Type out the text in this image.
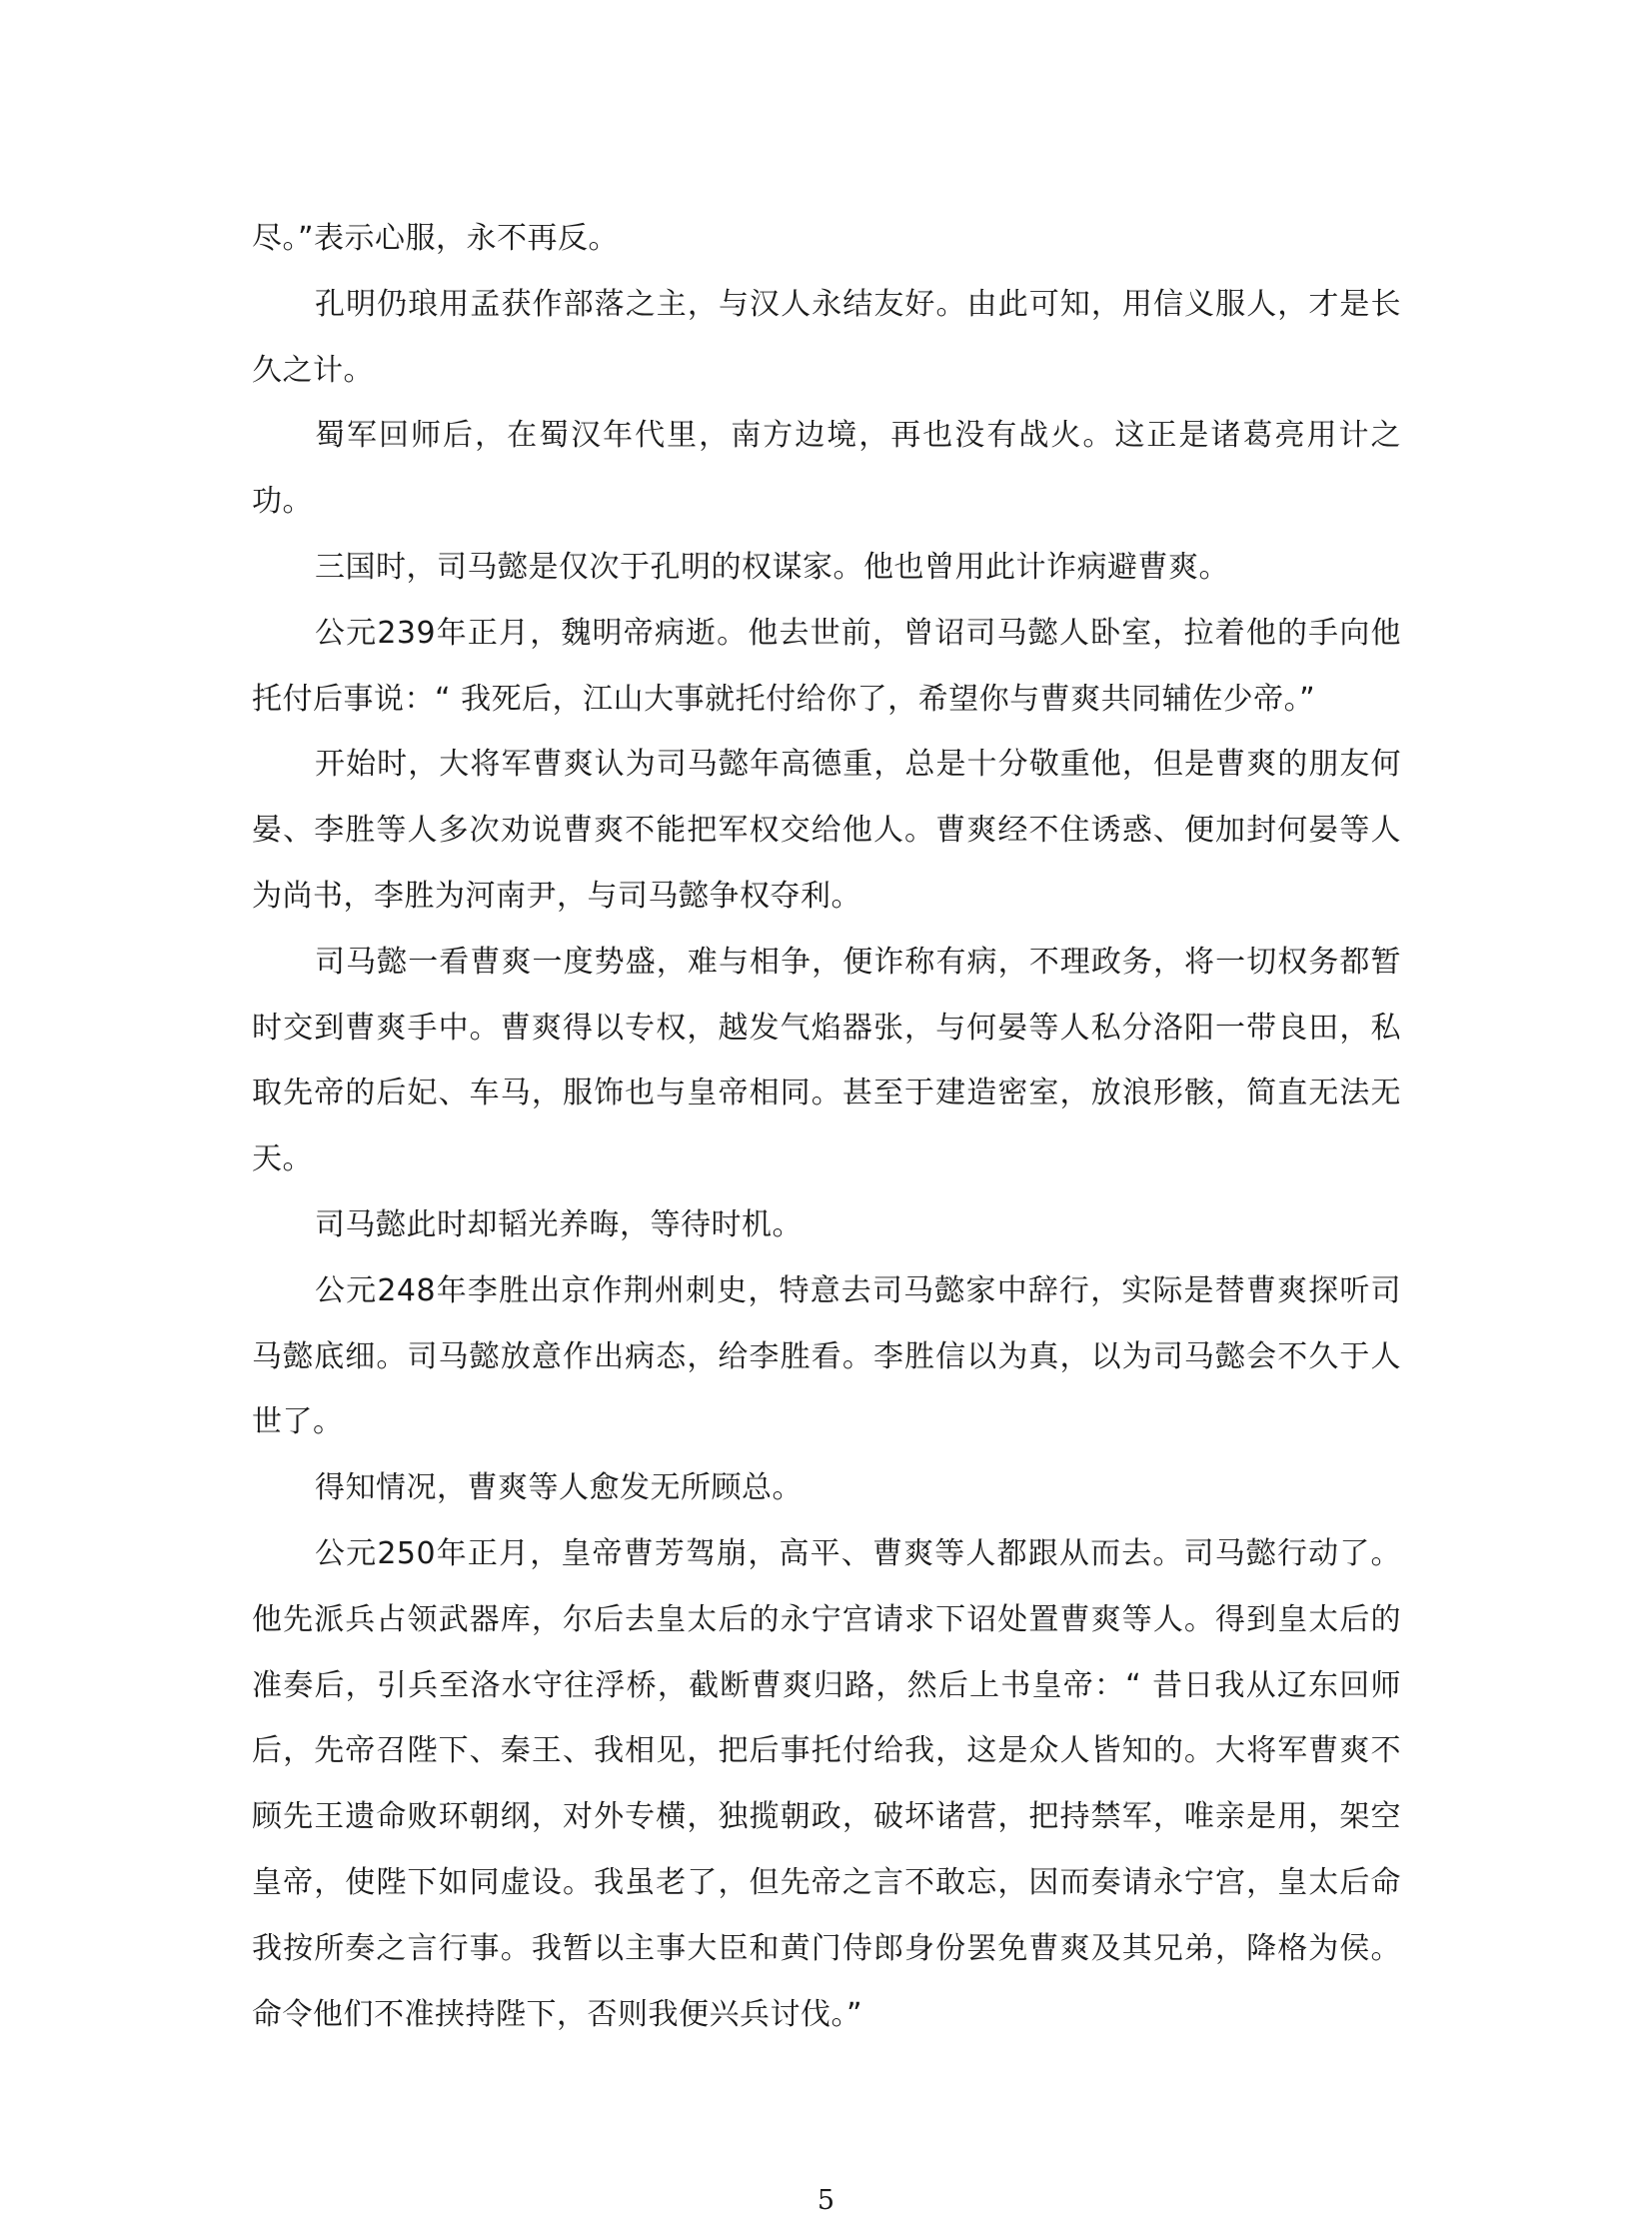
尽。”表示心服，永不再反。

孔明仍琅用孟获作部落之主，与汉人永结友好。由此可知，用信义服人，才是长久之计。

蜀军回师后，在蜀汉年代里，南方边境，再也没有战火。这正是诸葛亮用计之功。

三国时，司马懿是仅次于孔明的权谋家。他也曾用此计诈病避曹爽。

公元239年正月，魏明帝病逝。他去世前，曾诏司马懿人卧室，拉着他的手向他托付后事说：“ 我死后，江山大事就托付给你了，希望你与曹爽共同辅佐少帝。”

开始时，大将军曹爽认为司马懿年高德重，总是十分敬重他，但是曹爽的朋友何晏、李胜等人多次劝说曹爽不能把军权交给他人。曹爽经不住诱惑、便加封何晏等人为尚书，李胜为河南尹，与司马懿争权夺利。

司马懿一看曹爽一度势盛，难与相争，便诈称有病，不理政务，将一切权务都暂时交到曹爽手中。曹爽得以专权，越发气焰器张，与何晏等人私分洛阳一带良田，私取先帝的后妃、车马，服饰也与皇帝相同。甚至于建造密室，放浪形骸，简直无法无天。

司马懿此时却韬光养晦，等待时机。

公元248年李胜出京作荆州刺史，特意去司马懿家中辞行，实际是替曹爽探听司马懿底细。司马懿放意作出病态，给李胜看。李胜信以为真，以为司马懿会不久于人世了。

得知情况，曹爽等人愈发无所顾总。

公元250年正月，皇帝曹芳驾崩，高平、曹爽等人都跟从而去。司马懿行动了。他先派兵占领武器库，尔后去皇太后的永宁宫请求下诏处置曹爽等人。得到皇太后的准奏后，引兵至洛水守往浮桥，截断曹爽归路，然后上书皇帝：“ 昔日我从辽东回师后，先帝召陛下、秦王、我相见，把后事托付给我，这是众人皆知的。大将军曹爽不顾先王遗命败环朝纲，对外专横，独揽朝政，破坏诸营，把持禁军，唯亲是用，架空皇帝，使陛下如同虚设。我虽老了，但先帝之言不敢忘，因而奏请永宁宫，皇太后命我按所奏之言行事。我暂以主事大臣和黄门侍郎身份罢免曹爽及其兄弟，降格为侯。命令他们不准挟持陛下，否则我便兴兵讨伐。”

5
